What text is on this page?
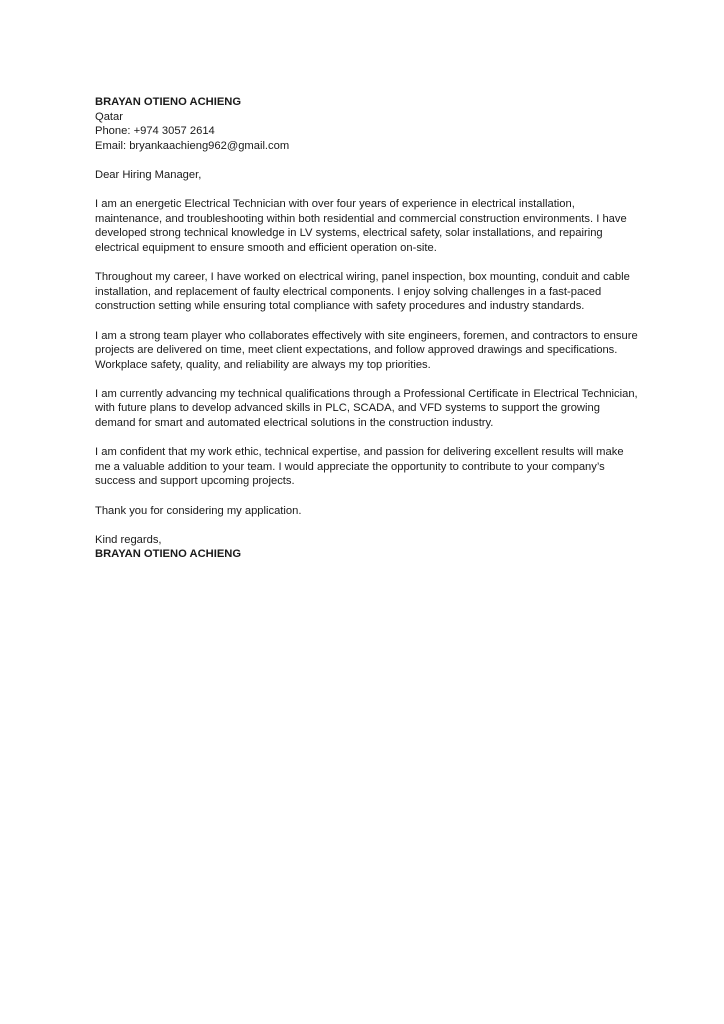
BRAYAN OTIENO ACHIENG
Qatar
Phone: +974 3057 2614
Email: bryankaachieng962@gmail.com

Dear Hiring Manager,

I am an energetic Electrical Technician with over four years of experience in electrical installation, maintenance, and troubleshooting within both residential and commercial construction environments. I have developed strong technical knowledge in LV systems, electrical safety, solar installations, and repairing electrical equipment to ensure smooth and efficient operation on-site.

Throughout my career, I have worked on electrical wiring, panel inspection, box mounting, conduit and cable installation, and replacement of faulty electrical components. I enjoy solving challenges in a fast-paced construction setting while ensuring total compliance with safety procedures and industry standards.

I am a strong team player who collaborates effectively with site engineers, foremen, and contractors to ensure projects are delivered on time, meet client expectations, and follow approved drawings and specifications. Workplace safety, quality, and reliability are always my top priorities.

I am currently advancing my technical qualifications through a Professional Certificate in Electrical Technician, with future plans to develop advanced skills in PLC, SCADA, and VFD systems to support the growing demand for smart and automated electrical solutions in the construction industry.

I am confident that my work ethic, technical expertise, and passion for delivering excellent results will make me a valuable addition to your team. I would appreciate the opportunity to contribute to your company’s success and support upcoming projects.

Thank you for considering my application.

Kind regards,
BRAYAN OTIENO ACHIENG
